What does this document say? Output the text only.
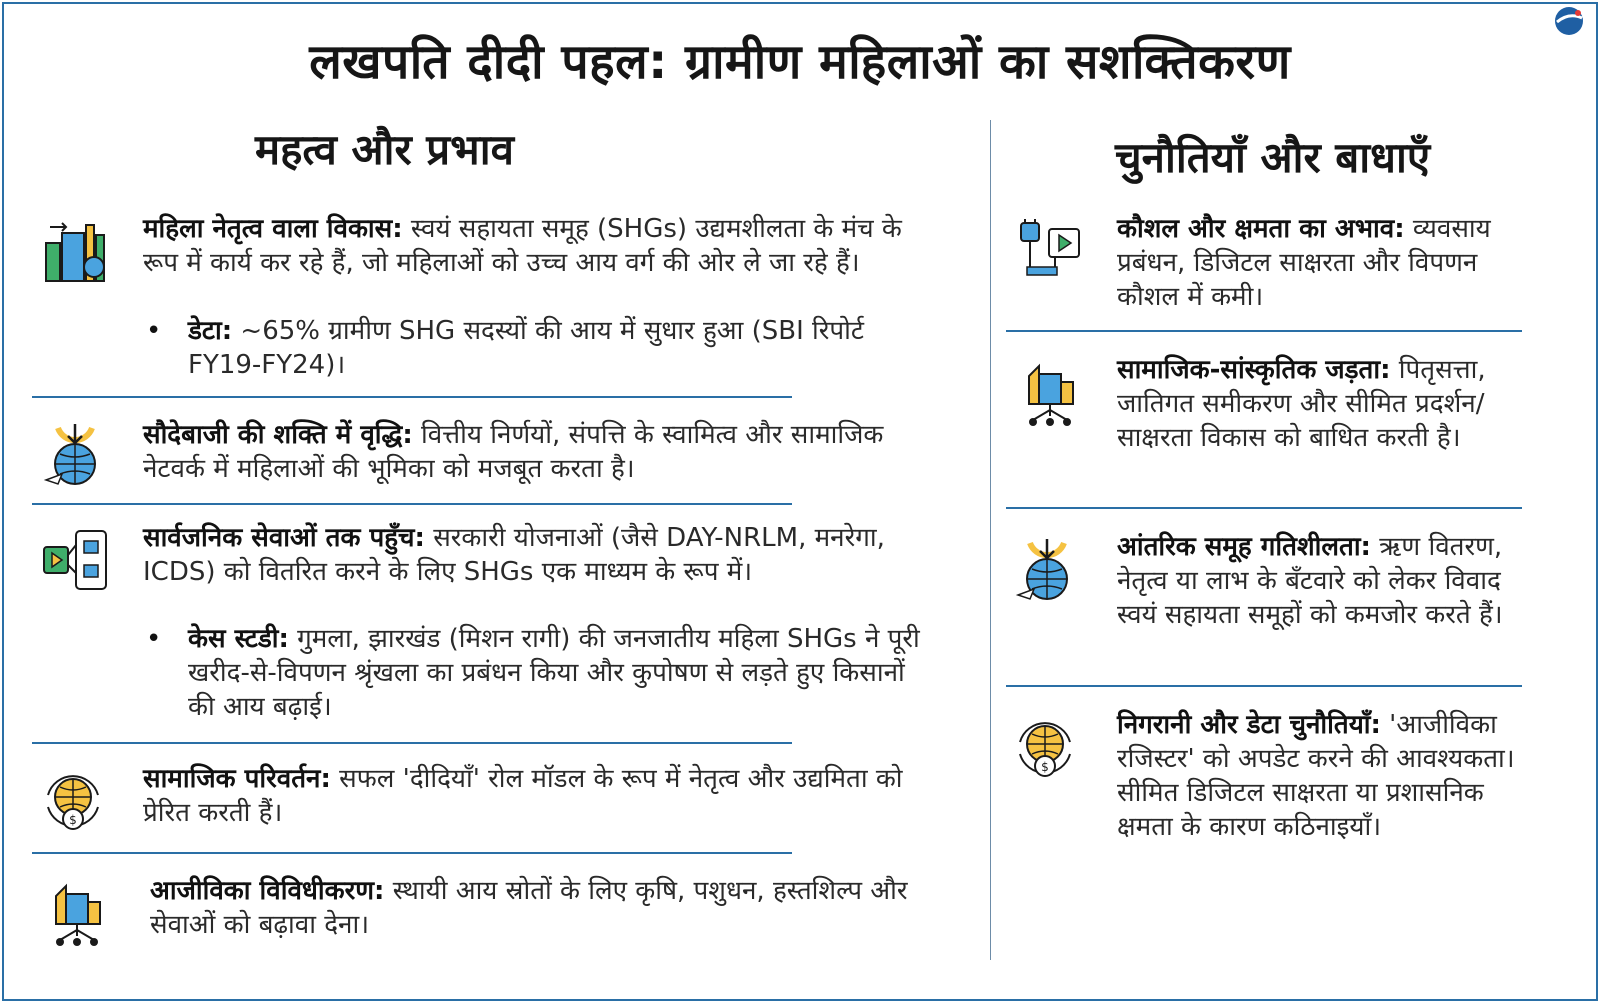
लखपति दीदी पहल: ग्रामीण महिलाओं का सशक्तिकरण
महत्व और प्रभाव	चुनौतियाँ और बाधाएँ
महिला नेतृत्व वाला विकास: स्वयं सहायता समूह (SHGs) उद्यमशीलता के मंच के रूप में कार्य कर रहे हैं, जो महिलाओं को उच्च आय वर्ग की ओर ले जा रहे हैं।
• डेटा: ~65% ग्रामीण SHG सदस्यों की आय में सुधार हुआ (SBI रिपोर्ट FY19-FY24)।
सौदेबाजी की शक्ति में वृद्धि: वित्तीय निर्णयों, संपत्ति के स्वामित्व और सामाजिक नेटवर्क में महिलाओं की भूमिका को मजबूत करता है।
सार्वजनिक सेवाओं तक पहुँच: सरकारी योजनाओं (जैसे DAY-NRLM, मनरेगा, ICDS) को वितरित करने के लिए SHGs एक माध्यम के रूप में।
• केस स्टडी: गुमला, झारखंड (मिशन रागी) की जनजातीय महिला SHGs ने पूरी खरीद-से-विपणन श्रृंखला का प्रबंधन किया और कुपोषण से लड़ते हुए किसानों की आय बढ़ाई।
$
सामाजिक परिवर्तन: सफल 'दीदियाँ' रोल मॉडल के रूप में नेतृत्व और उद्यमिता को प्रेरित करती हैं।
आजीविका विविधीकरण: स्थायी आय स्रोतों के लिए कृषि, पशुधन, हस्तशिल्प और सेवाओं को बढ़ावा देना।
कौशल और क्षमता का अभाव: व्यवसाय प्रबंधन, डिजिटल साक्षरता और विपणन कौशल में कमी।
सामाजिक-सांस्कृतिक जड़ता: पितृसत्ता, जातिगत समीकरण और सीमित प्रदर्शन/साक्षरता विकास को बाधित करती है।
आंतरिक समूह गतिशीलता: ऋण वितरण, नेतृत्व या लाभ के बँटवारे को लेकर विवाद स्वयं सहायता समूहों को कमजोर करते हैं।
$
निगरानी और डेटा चुनौतियाँ: 'आजीविका रजिस्टर' को अपडेट करने की आवश्यकता। सीमित डिजिटल साक्षरता या प्रशासनिक क्षमता के कारण कठिनाइयाँ।
